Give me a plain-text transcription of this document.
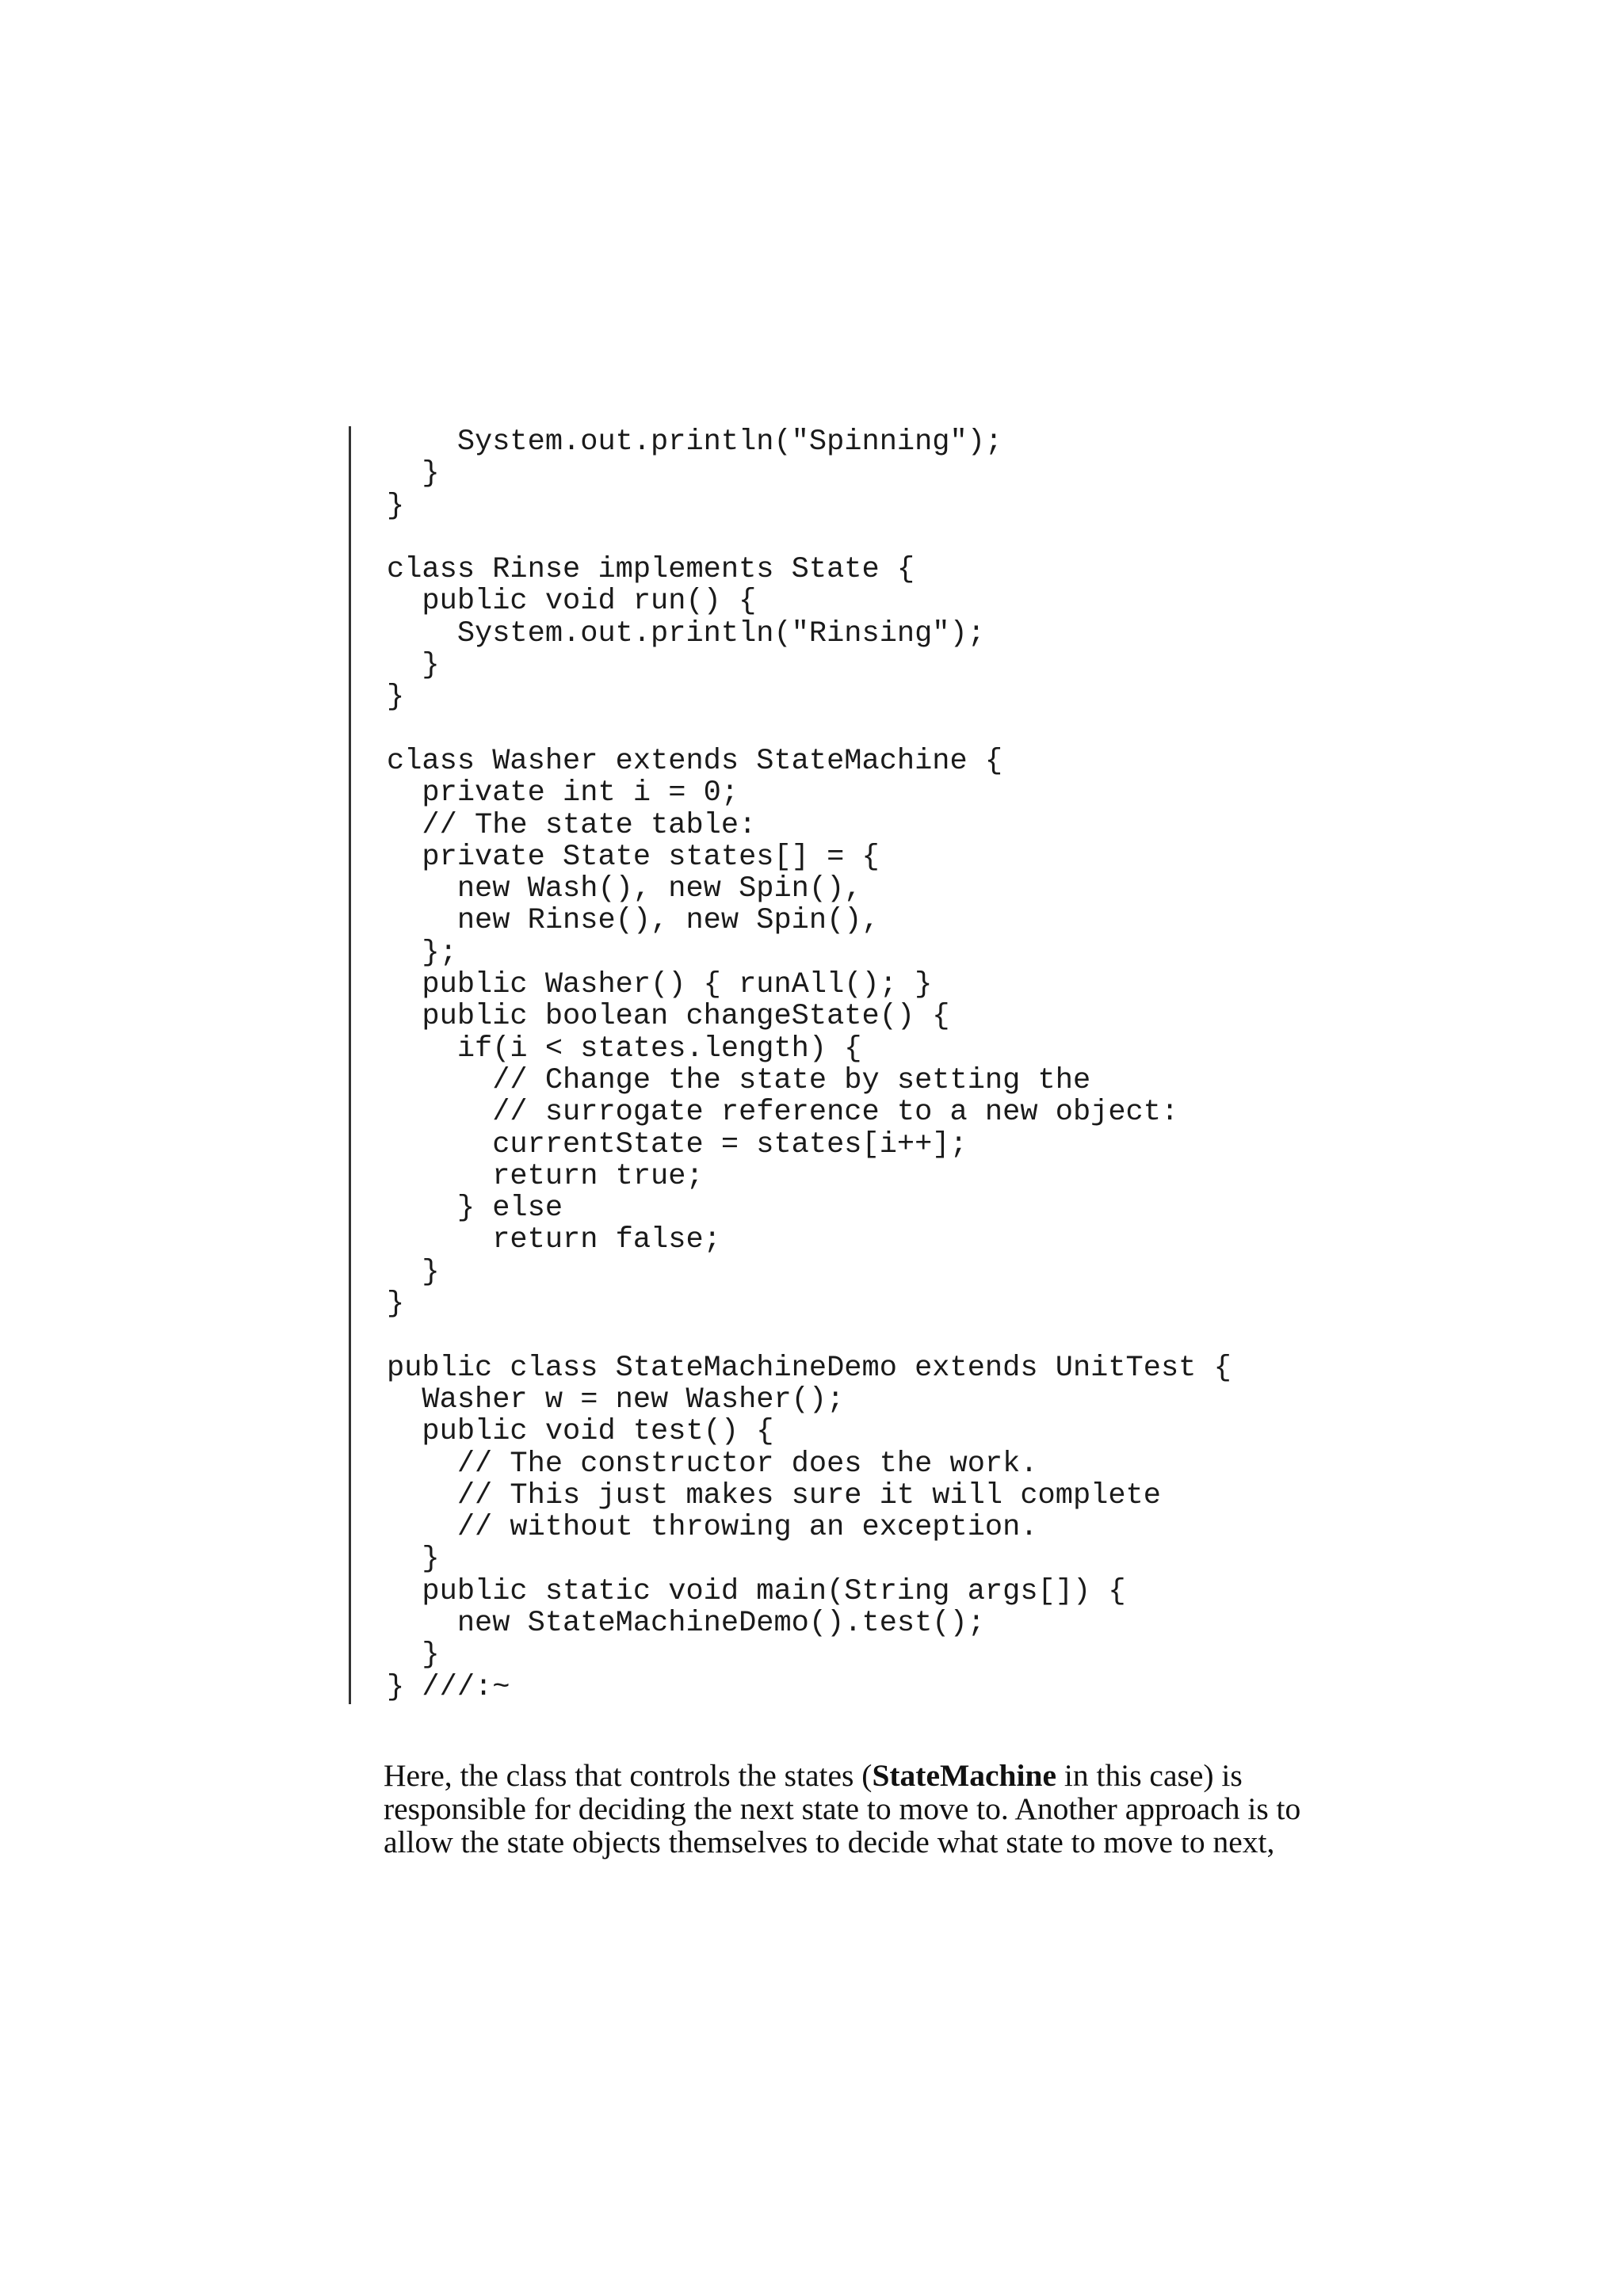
System.out.println("Spinning");
}
}
class Rinse implements State {
public void run() {
System.out.println("Rinsing");
}
}
class Washer extends StateMachine {
private int i = 0;
// The state table:
private State states[] = {
new Wash(), new Spin(),
new Rinse(), new Spin(),
};
public Washer() { runAll(); }
public boolean changeState() {
if(i < states.length) {
// Change the state by setting the
// surrogate reference to a new object:
currentState = states[i++];
return true;
} else
return false;
}
}
public class StateMachineDemo extends UnitTest {
Washer w = new Washer();
public void test() {
// The constructor does the work.
// This just makes sure it will complete
// without throwing an exception.
}
public static void main(String args[]) {
new StateMachineDemo().test();
}
} ///:~
Here, the class that controls the states (StateMachine in this case) is
responsible for deciding the next state to move to. Another approach is to
allow the state objects themselves to decide what state to move to next,
